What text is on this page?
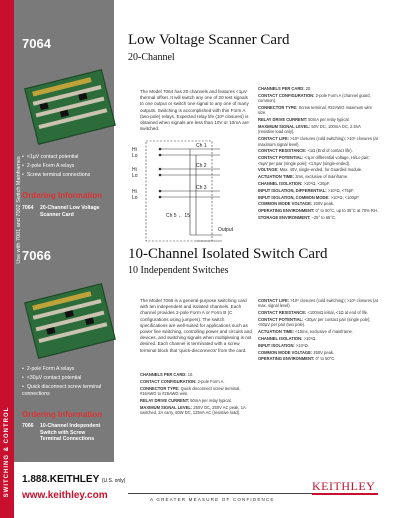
SWITCHING & CONTROL
Use with 7001 and 7002 Switch Mainframes
7064
• <1µV contact potential
• 2-pole Form A relays
• Screw terminal connections
Ordering Information
7064 20-Channel Low Voltage Scanner Card
7066
• 2-pole Form A relays
• <30µV contact potential
• Quick disconnect screw terminal connections
Ordering Information
7066 10-Channel Independent Switch with Screw Terminal Connections
Low Voltage Scanner Card
20-Channel
The Model 7064 has 20 channels and features <1µV thermal offset. It will switch any one of 20 test signals to one output or switch one signal to any one of many outputs. Switching is accomplished with thin Form A (two-pole) relays. Expected relay life (10⁸ closures) is obtained when signals are less than 10V or 10mA are switched.
Hi
Lo
Hi
Lo
Hi
Lo
Ch 1
Ch 2
Ch 3
Ch 5 ← 15
Output
CHANNELS PER CARD: 20.
CONTACT CONFIGURATION: 2-pole Form A (channel guard, common).
CONNECTOR TYPE: Screw terminal, #22AWG maximum wire size.
RELAY DRIVE CURRENT: 50mA per relay typical.
MAXIMUM SIGNAL LEVEL: 50V DC, 100mA DC, 2.5VA (resistive load only).
CONTACT LIFE: >10⁸ closures (cold switching); >10⁶ closures (at maximum signal level).
CONTACT RESISTANCE: <1Ω (End of contact life).
CONTACT POTENTIAL: <1µV differential voltage, Hi/Lo pair; <5µV per pair (single pole); <1.5µV (single-ended).
VOLTAGE: Max. 40V, single-ended, for Guarded module.
ACTUATION TIME: 3ms, exclusive of mainframe.
CHANNEL ISOLATION: >10⁹Ω, <25pF.
INPUT ISOLATION, DIFFERENTIAL: >10⁹Ω, <75pF.
INPUT ISOLATION, COMMON MODE: >10⁹Ω, <100pF.
COMMON MODE VOLTAGE: 200V peak.
OPERATING ENVIRONMENT: 0° to 50°C, up to 35°C at 70% RH.
STORAGE ENVIRONMENT: –25° to 65°C.
10-Channel Isolated Switch Card
10 Independent Switches
The Model 7066 is a general-purpose switching card with ten independent and isolated channels. Each channel provides 2-pole Form A or Form B (C configurations using jumpers). The switch specifications are well-suited for applications such as power line switching, controlling power and circuits and devices, and switching signals when multiplexing is not desired. Each channel is terminated with a screw terminal block that 'quick-disconnects' from the card.
CHANNELS PER CARD: 10.
CONTACT CONFIGURATION: 2-pole Form A.
CONNECTOR TYPE: Quick disconnect screw terminal, #16AWG to #26AWG wire.
RELAY DRIVE CURRENT: 50mA per relay typical.
MAXIMUM SIGNAL LEVEL: 250V DC, 250V AC peak, 1A switched, 2A carry, 60W DC, 125VA AC (resistive load).
CONTACT LIFE: >10⁸ closures (cold switching); >10⁵ closures (at max. signal level).
CONTACT RESISTANCE: <100mΩ initial, <1Ω at end of life.
CONTACT POTENTIAL: <30µV per contact pair (single pole); <60µV per pair (two pole).
ACTUATION TIME: <15ms, exclusive of mainframe.
CHANNEL ISOLATION: >10⁹Ω.
INPUT ISOLATION: >10⁹Ω.
COMMON MODE VOLTAGE: 250V peak.
OPERATING ENVIRONMENT: 0° to 50°C.
1.888.KEITHLEY (U.S. only)
www.keithley.com	A GREATER MEASURE OF CONFIDENCE
KEITHLEY
